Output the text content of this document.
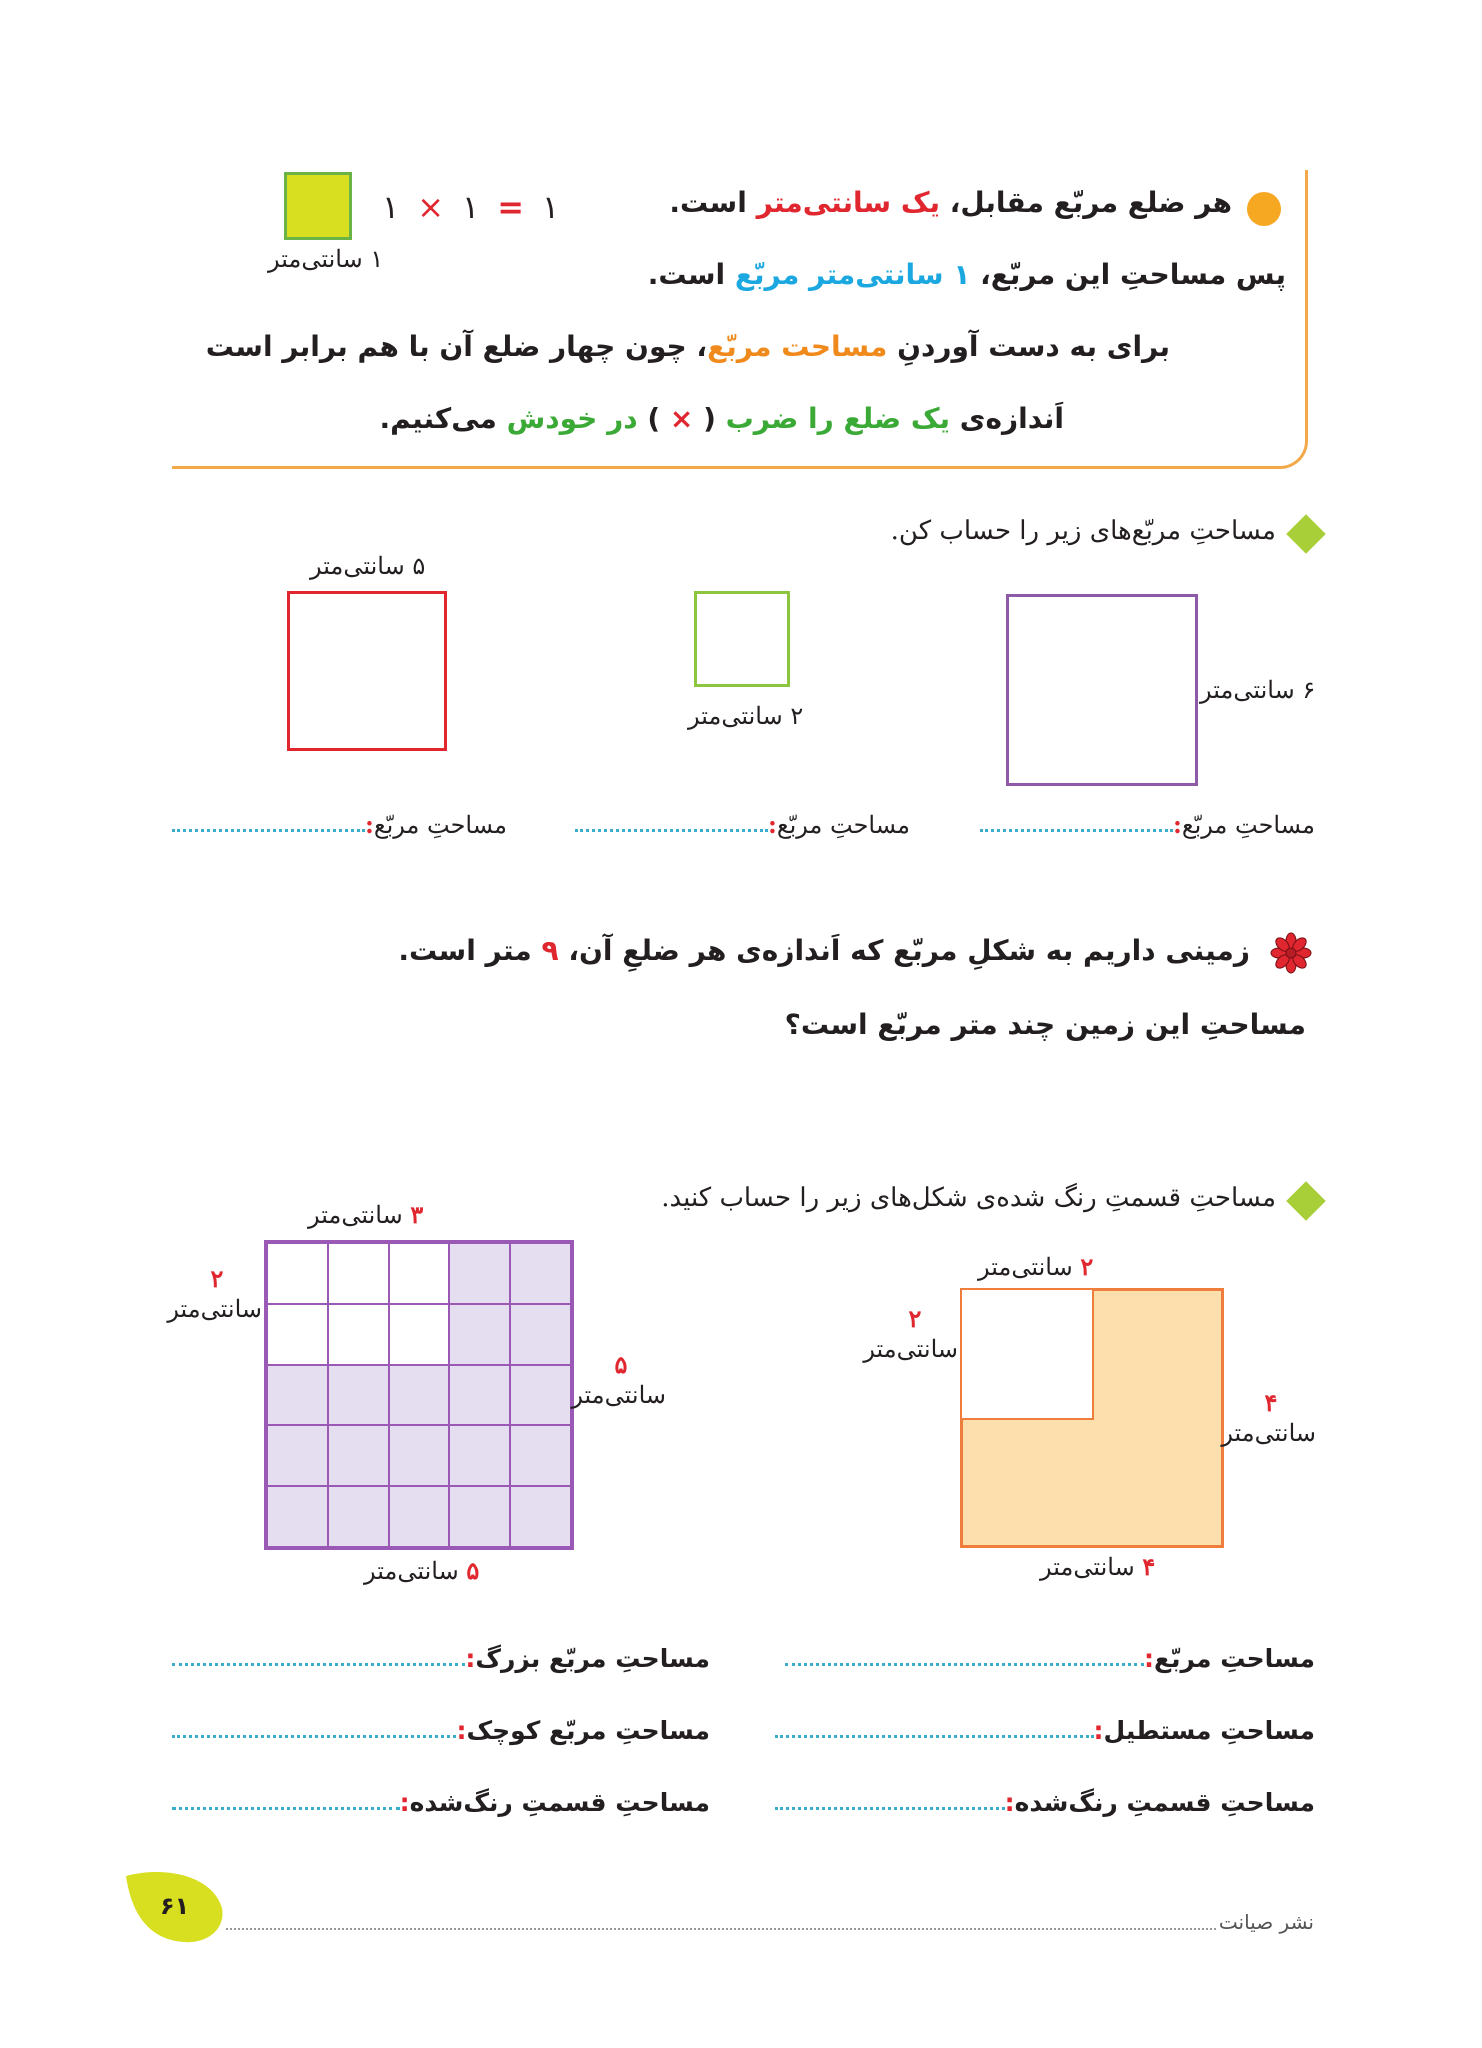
هر ضلع مربّع مقابل، یک سانتی‌متر است.
پس مساحتِ این مربّع، ۱ سانتی‌متر مربّع است.
برای به دست آوردنِ مساحت مربّع، چون چهار ضلع آن با هم برابر است
اَندازه‌ی یک ضلع را ضرب ( × ) در خودش می‌کنیم.
۱ سانتی‌متر
۱ × ۱ = ۱
مساحتِ مربّع‌های زیر را حساب کن.
۶ سانتی‌متر
۲ سانتی‌متر
۵ سانتی‌متر
مساحتِ مربّع
:
مساحتِ مربّع
:
مساحتِ مربّع
:
زمینی داریم به شکلِ مربّع که اَندازه‌ی هر ضلعِ آن، ۹ متر است.
مساحتِ این زمین چند متر مربّع است؟
مساحتِ قسمتِ رنگ شده‌ی شکل‌های زیر را حساب کنید.
۲ سانتی‌متر
۲
سانتی‌متر
۴
سانتی‌متر
۴ سانتی‌متر
۳ سانتی‌متر
۲
سانتی‌متر
۵
سانتی‌متر
۵ سانتی‌متر
مساحتِ مربّع
:
مساحتِ مستطیل
:
مساحتِ قسمتِ رنگ‌شده
:
مساحتِ مربّع بزرگ
:
مساحتِ مربّع کوچک
:
مساحتِ قسمتِ رنگ‌شده
:
۶۱
نشر صیانت
